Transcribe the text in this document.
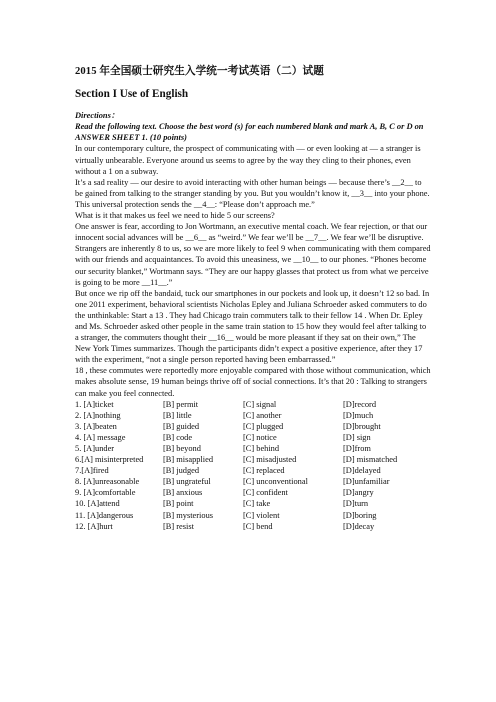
2015 年全国硕士研究生入学统一考试英语（二）试题
Section I Use of English

Directions：
Read the following text. Choose the best word (s) for each numbered blank and mark A, B, C or D on ANSWER SHEET 1. (10 points)

In our contemporary culture, the prospect of communicating with — or even looking at — a stranger is virtually unbearable. Everyone around us seems to agree by the way they cling to their phones, even without a 1 on a subway.

It’s a sad reality — our desire to avoid interacting with other human beings — because there’s __2__ to be gained from talking to the stranger standing by you. But you wouldn’t know it, __3__ into your phone. This universal protection sends the __4__: “Please don’t approach me.”

What is it that makes us feel we need to hide 5 our screens?

One answer is fear, according to Jon Wortmann, an executive mental coach. We fear rejection, or that our innocent social advances will be __6__ as “weird.” We fear we’ll be __7__. We fear we’ll be disruptive.

Strangers are inherently 8 to us, so we are more likely to feel 9 when communicating with them compared with our friends and acquaintances. To avoid this uneasiness, we __10__ to our phones. “Phones become our security blanket,” Wortmann says. “They are our happy glasses that protect us from what we perceive is going to be more __11__.”

But once we rip off the bandaid, tuck our smartphones in our pockets and look up, it doesn’t 12 so bad. In one 2011 experiment, behavioral scientists Nicholas Epley and Juliana Schroeder asked commuters to do the unthinkable: Start a 13 . They had Chicago train commuters talk to their fellow 14 . When Dr. Epley and Ms. Schroeder asked other people in the same train station to 15 how they would feel after talking to a stranger, the commuters thought their __16__ would be more pleasant if they sat on their own,” The New York Times summarizes. Though the participants didn’t expect a positive experience, after they 17 with the experiment, “not a single person reported having been embarrassed.”

18 , these commutes were reportedly more enjoyable compared with those without communication, which makes absolute sense, 19 human beings thrive off of social connections. It’s that 20 : Talking to strangers can make you feel connected.

1. [A]ticket	[B] permit	[C] signal	[D]record
2. [A]nothing	[B] little	[C] another	[D]much
3. [A]beaten	[B] guided	[C] plugged	[D]brought
4. [A] message	[B] code	[C] notice	[D] sign
5. [A]under	[B] beyond	[C] behind	[D]from
6.[A] misinterpreted	[B] misapplied	[C] misadjusted	[D] mismatched
7.[A]fired	[B] judged	[C] replaced	[D]delayed
8. [A]unreasonable	[B] ungrateful	[C] unconventional	[D]unfamiliar
9. [A]comfortable	[B] anxious	[C] confident	[D]angry
10. [A]attend	[B] point	[C] take	[D]turn
11. [A]dangerous	[B] mysterious	[C] violent	[D]boring
12. [A]hurt	[B] resist	[C] bend	[D]decay
